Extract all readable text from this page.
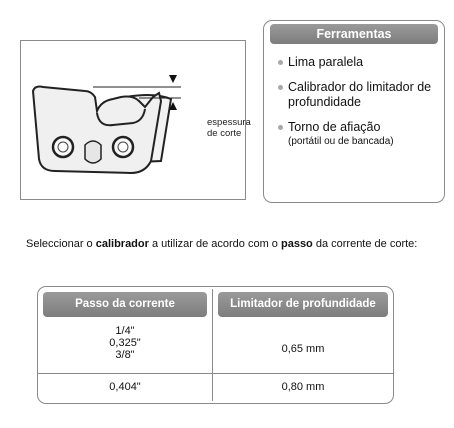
espessura
de corte
Ferramentas
Lima paralela
Calibrador do limitador de profundidade
Torno de afiação
(portátil ou de bancada)
Seleccionar o calibrador a utilizar de acordo com o passo da corrente de corte:
Passo da corrente	Limitador de profundidade
1/4"
0,325"
3/8"	0,65 mm
0,404"	0,80 mm
